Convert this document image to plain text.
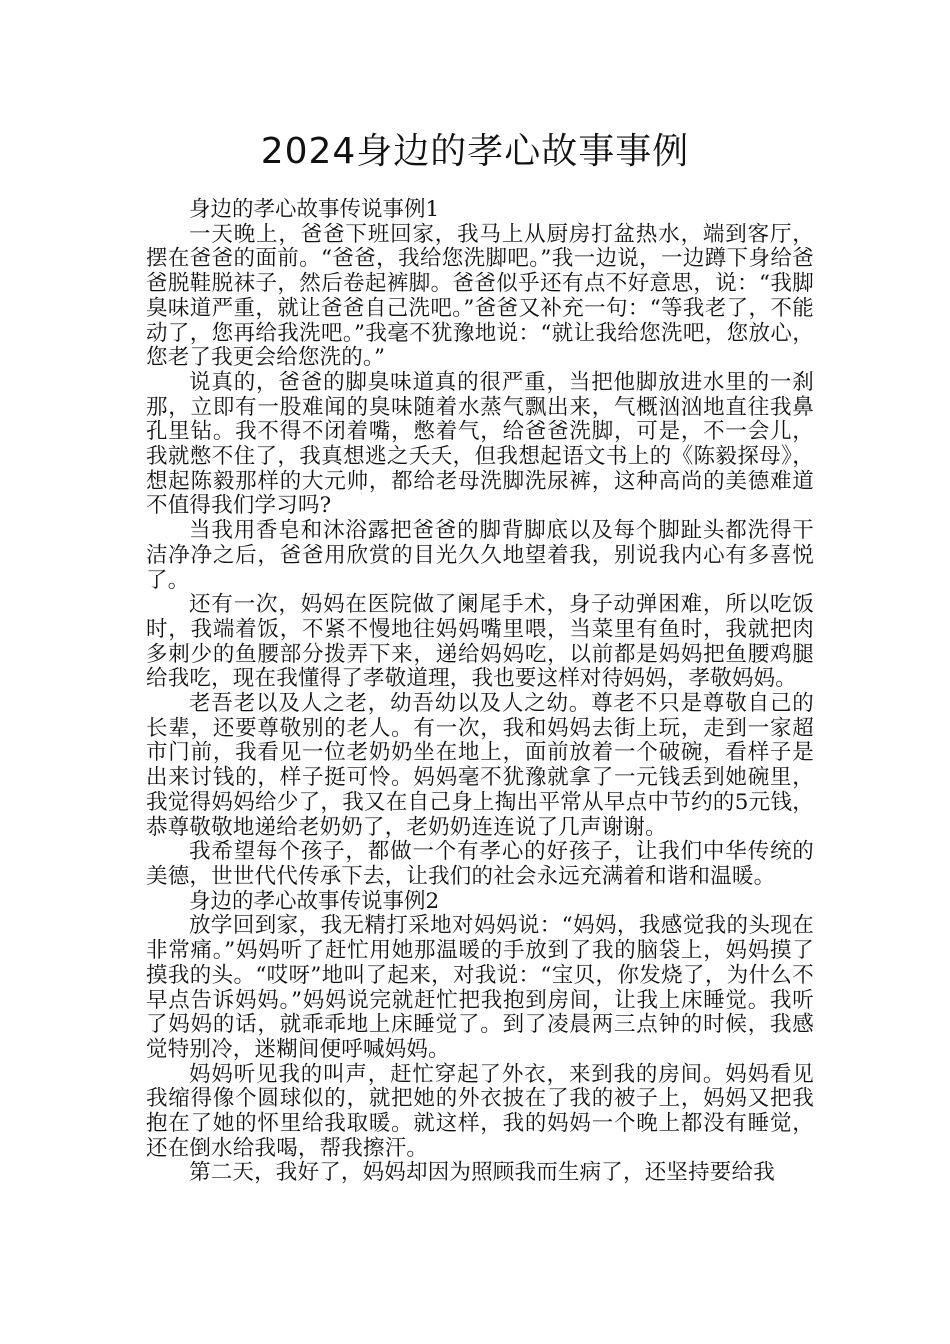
2024身边的孝心故事事例
身边的孝心故事传说事例1

一天晚上，爸爸下班回家，我马上从厨房打盆热水，端到客厅，摆在爸爸的面前。“爸爸，我给您洗脚吧。”我一边说，一边蹲下身给爸爸脱鞋脱袜子，然后卷起裤脚。爸爸似乎还有点不好意思，说：“我脚臭味道严重，就让爸爸自己洗吧。”爸爸又补充一句：“等我老了，不能动了，您再给我洗吧。”我毫不犹豫地说：“就让我给您洗吧，您放心，您老了我更会给您洗的。”

说真的，爸爸的脚臭味道真的很严重，当把他脚放进水里的一刹那，立即有一股难闻的臭味随着水蒸气飘出来，气概汹汹地直往我鼻孔里钻。我不得不闭着嘴，憋着气，给爸爸洗脚，可是，不一会儿，我就憋不住了，我真想逃之夭夭，但我想起语文书上的《陈毅探母》，想起陈毅那样的大元帅，都给老母洗脚洗尿裤，这种高尚的美德难道不值得我们学习吗?

当我用香皂和沐浴露把爸爸的脚背脚底以及每个脚趾头都洗得干洁净净之后，爸爸用欣赏的目光久久地望着我，别说我内心有多喜悦了。

还有一次，妈妈在医院做了阑尾手术，身子动弹困难，所以吃饭时，我端着饭，不紧不慢地往妈妈嘴里喂，当菜里有鱼时，我就把肉多刺少的鱼腰部分拨弄下来，递给妈妈吃，以前都是妈妈把鱼腰鸡腿给我吃，现在我懂得了孝敬道理，我也要这样对待妈妈，孝敬妈妈。

老吾老以及人之老，幼吾幼以及人之幼。尊老不只是尊敬自己的长辈，还要尊敬别的老人。有一次，我和妈妈去街上玩，走到一家超市门前，我看见一位老奶奶坐在地上，面前放着一个破碗，看样子是出来讨钱的，样子挺可怜。妈妈毫不犹豫就拿了一元钱丢到她碗里，我觉得妈妈给少了，我又在自己身上掏出平常从早点中节约的5元钱，恭尊敬敬地递给老奶奶了，老奶奶连连说了几声谢谢。

我希望每个孩子，都做一个有孝心的好孩子，让我们中华传统的美德，世世代代传承下去，让我们的社会永远充满着和谐和温暖。

身边的孝心故事传说事例2

放学回到家，我无精打采地对妈妈说：“妈妈，我感觉我的头现在非常痛。”妈妈听了赶忙用她那温暖的手放到了我的脑袋上，妈妈摸了摸我的头。“哎呀”地叫了起来，对我说：“宝贝，你发烧了，为什么不早点告诉妈妈。”妈妈说完就赶忙把我抱到房间，让我上床睡觉。我听了妈妈的话，就乖乖地上床睡觉了。到了凌晨两三点钟的时候，我感觉特别冷，迷糊间便呼喊妈妈。

妈妈听见我的叫声，赶忙穿起了外衣，来到我的房间。妈妈看见我缩得像个圆球似的，就把她的外衣披在了我的被子上，妈妈又把我抱在了她的怀里给我取暖。就这样，我的妈妈一个晚上都没有睡觉，还在倒水给我喝，帮我擦汗。

第二天，我好了，妈妈却因为照顾我而生病了，还坚持要给我
